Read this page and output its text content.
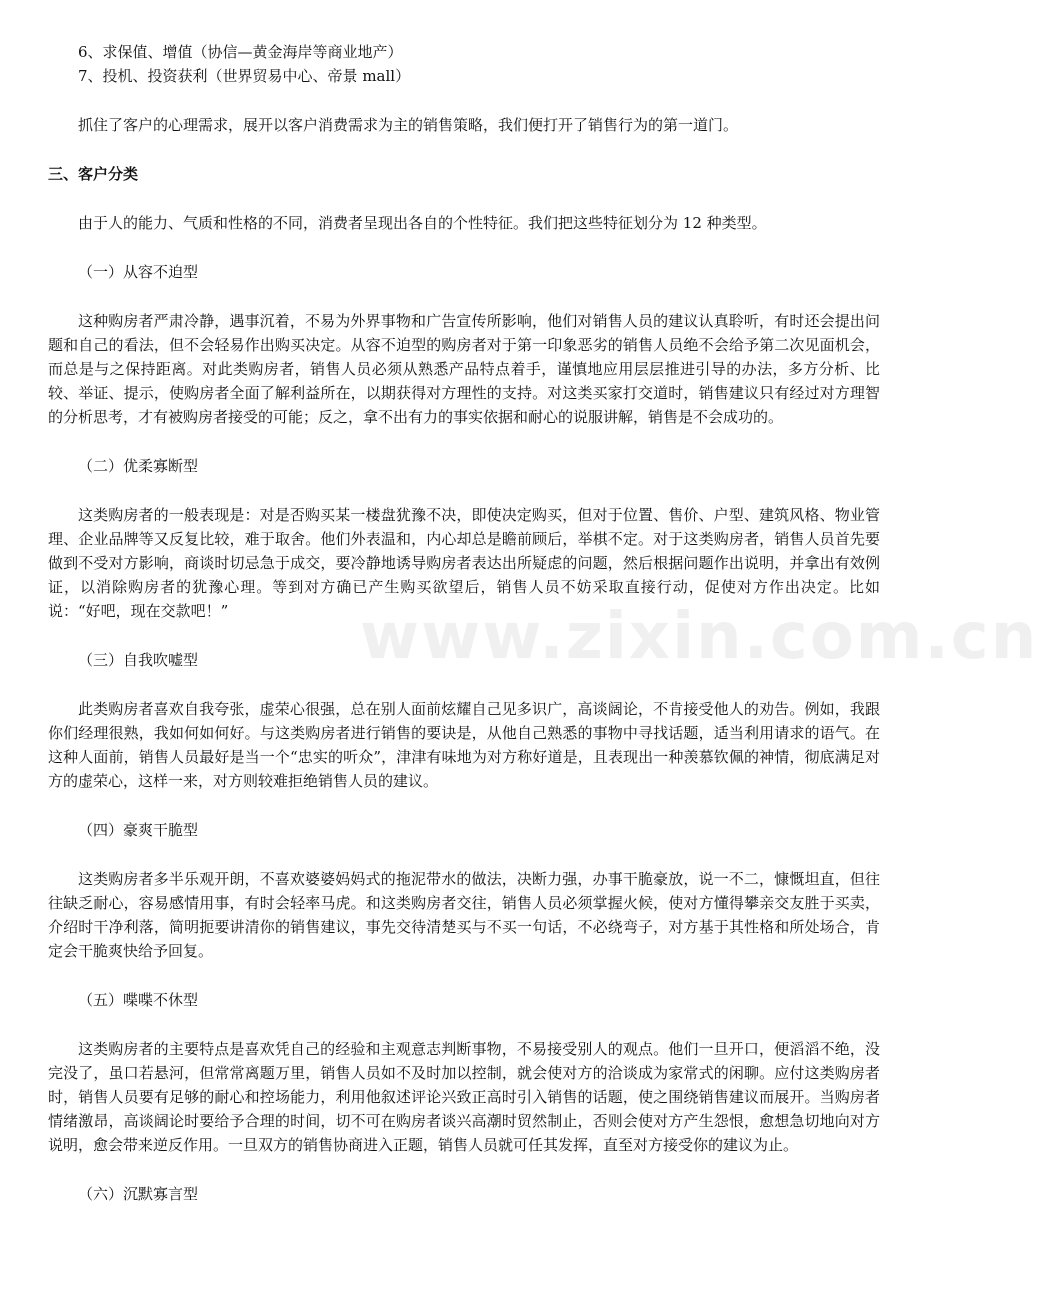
6、求保值、增值（协信—黄金海岸等商业地产）

7、投机、投资获利（世界贸易中心、帝景 mall）

抓住了客户的心理需求，展开以客户消费需求为主的销售策略，我们便打开了销售行为的第一道门。

三、客户分类

由于人的能力、气质和性格的不同，消费者呈现出各自的个性特征。我们把这些特征划分为 12 种类型。

（一）从容不迫型

这种购房者严肃冷静，遇事沉着，不易为外界事物和广告宣传所影响，他们对销售人员的建议认真聆听，有时还会提出问题和自己的看法，但不会轻易作出购买决定。从容不迫型的购房者对于第一印象恶劣的销售人员绝不会给予第二次见面机会，而总是与之保持距离。对此类购房者，销售人员必须从熟悉产品特点着手，谨慎地应用层层推进引导的办法，多方分析、比较、举证、提示，使购房者全面了解利益所在，以期获得对方理性的支持。对这类买家打交道时，销售建议只有经过对方理智的分析思考，才有被购房者接受的可能；反之，拿不出有力的事实依据和耐心的说服讲解，销售是不会成功的。

（二）优柔寡断型

这类购房者的一般表现是：对是否购买某一楼盘犹豫不决，即使决定购买，但对于位置、售价、户型、建筑风格、物业管理、企业品牌等又反复比较，难于取舍。他们外表温和，内心却总是瞻前顾后，举棋不定。对于这类购房者，销售人员首先要做到不受对方影响，商谈时切忌急于成交，要冷静地诱导购房者表达出所疑虑的问题，然后根据问题作出说明，并拿出有效例证，以消除购房者的犹豫心理。等到对方确已产生购买欲望后，销售人员不妨采取直接行动，促使对方作出决定。比如说：“好吧，现在交款吧！”

（三）自我吹嘘型

此类购房者喜欢自我夸张，虚荣心很强，总在别人面前炫耀自己见多识广，高谈阔论，不肯接受他人的劝告。例如，我跟你们经理很熟，我如何如何好。与这类购房者进行销售的要诀是，从他自己熟悉的事物中寻找话题，适当利用请求的语气。在这种人面前，销售人员最好是当一个“忠实的听众”，津津有味地为对方称好道是，且表现出一种羡慕钦佩的神情，彻底满足对方的虚荣心，这样一来，对方则较难拒绝销售人员的建议。

（四）豪爽干脆型

这类购房者多半乐观开朗，不喜欢婆婆妈妈式的拖泥带水的做法，决断力强，办事干脆豪放，说一不二，慷慨坦直，但往往缺乏耐心，容易感情用事，有时会轻率马虎。和这类购房者交往，销售人员必须掌握火候，使对方懂得攀亲交友胜于买卖，介绍时干净利落，简明扼要讲清你的销售建议，事先交待清楚买与不买一句话，不必绕弯子，对方基于其性格和所处场合，肯定会干脆爽快给予回复。

（五）喋喋不休型

这类购房者的主要特点是喜欢凭自己的经验和主观意志判断事物，不易接受别人的观点。他们一旦开口，便滔滔不绝，没完没了，虽口若悬河，但常常离题万里，销售人员如不及时加以控制，就会使对方的洽谈成为家常式的闲聊。应付这类购房者时，销售人员要有足够的耐心和控场能力，利用他叙述评论兴致正高时引入销售的话题，使之围绕销售建议而展开。当购房者情绪激昂，高谈阔论时要给予合理的时间，切不可在购房者谈兴高潮时贸然制止，否则会使对方产生怨恨，愈想急切地向对方说明，愈会带来逆反作用。一旦双方的销售协商进入正题，销售人员就可任其发挥，直至对方接受你的建议为止。

（六）沉默寡言型

www.zixin.com.cn
